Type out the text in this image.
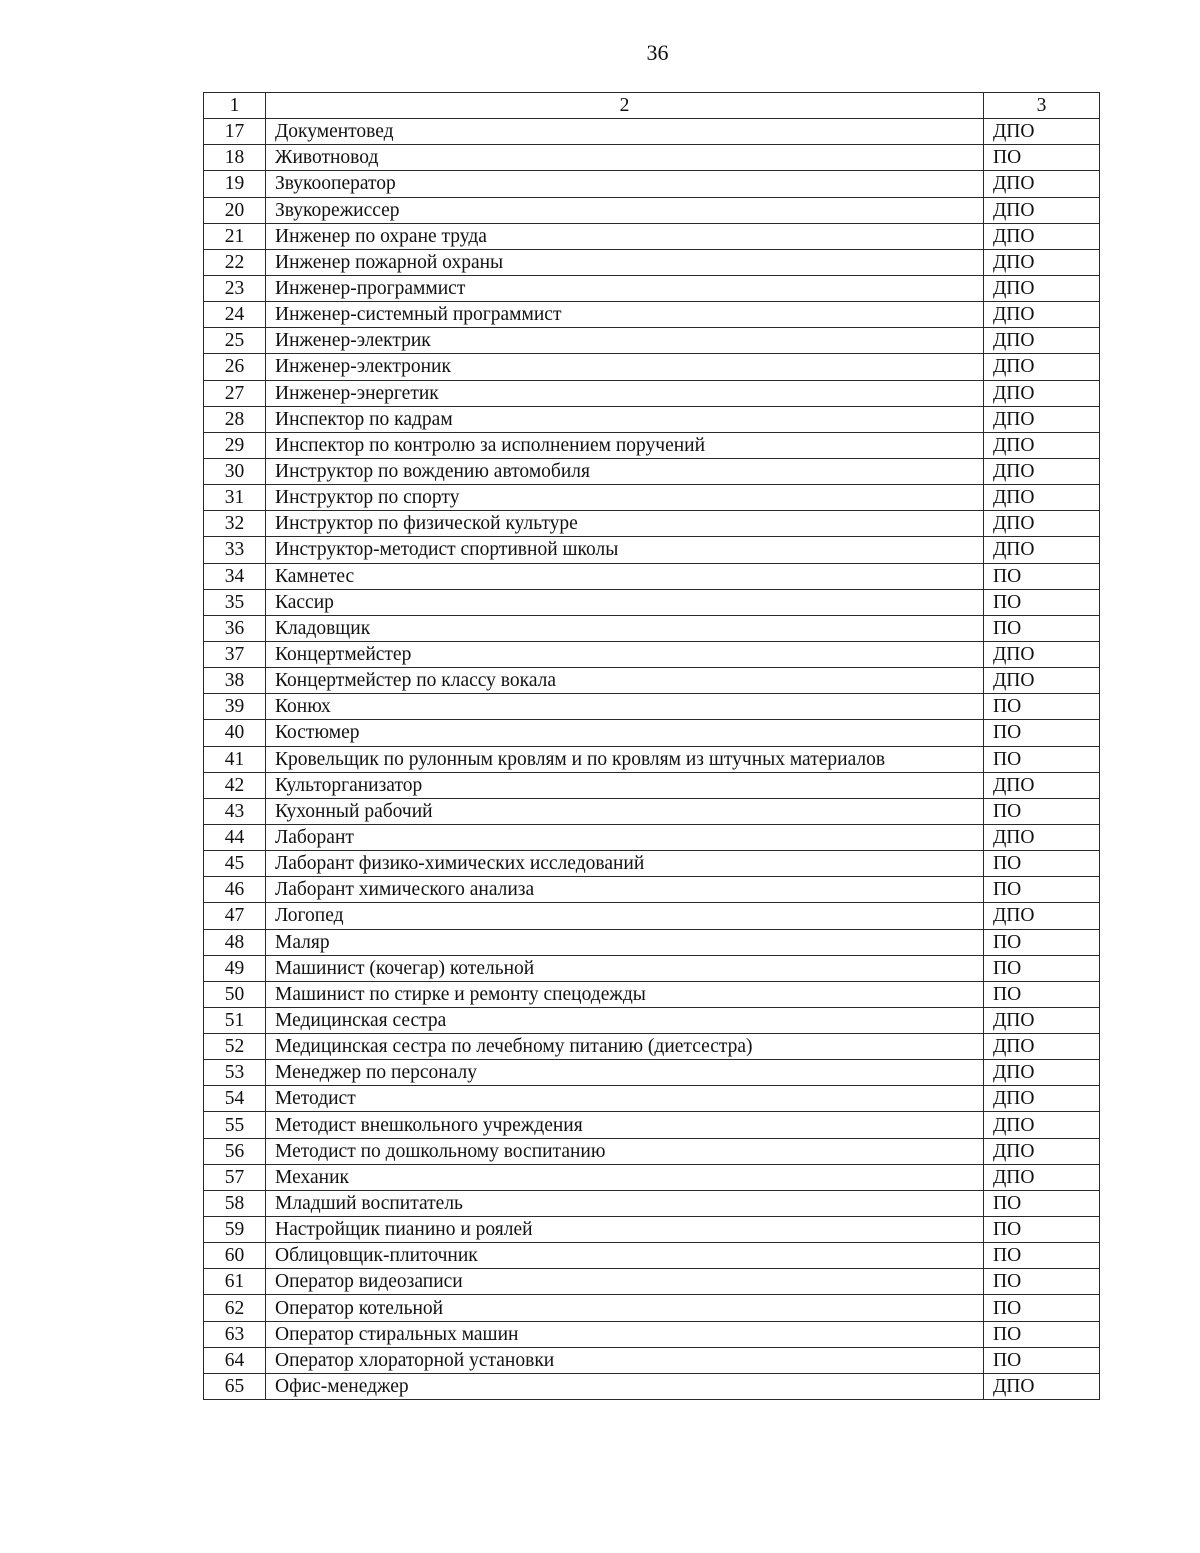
36
1	2	3
17	Документовед	ДПО
18	Животновод	ПО
19	Звукооператор	ДПО
20	Звукорежиссер	ДПО
21	Инженер по охране труда	ДПО
22	Инженер пожарной охраны	ДПО
23	Инженер-программист	ДПО
24	Инженер-системный программист	ДПО
25	Инженер-электрик	ДПО
26	Инженер-электроник	ДПО
27	Инженер-энергетик	ДПО
28	Инспектор по кадрам	ДПО
29	Инспектор по контролю за исполнением поручений	ДПО
30	Инструктор по вождению автомобиля	ДПО
31	Инструктор по спорту	ДПО
32	Инструктор по физической культуре	ДПО
33	Инструктор-методист спортивной школы	ДПО
34	Камнетес	ПО
35	Кассир	ПО
36	Кладовщик	ПО
37	Концертмейстер	ДПО
38	Концертмейстер по классу вокала	ДПО
39	Конюх	ПО
40	Костюмер	ПО
41	Кровельщик по рулонным кровлям и по кровлям из штучных материалов	ПО
42	Культорганизатор	ДПО
43	Кухонный рабочий	ПО
44	Лаборант	ДПО
45	Лаборант физико-химических исследований	ПО
46	Лаборант химического анализа	ПО
47	Логопед	ДПО
48	Маляр	ПО
49	Машинист (кочегар) котельной	ПО
50	Машинист по стирке и ремонту спецодежды	ПО
51	Медицинская сестра	ДПО
52	Медицинская сестра по лечебному питанию (диетсестра)	ДПО
53	Менеджер по персоналу	ДПО
54	Методист	ДПО
55	Методист внешкольного учреждения	ДПО
56	Методист по дошкольному воспитанию	ДПО
57	Механик	ДПО
58	Младший воспитатель	ПО
59	Настройщик пианино и роялей	ПО
60	Облицовщик-плиточник	ПО
61	Оператор видеозаписи	ПО
62	Оператор котельной	ПО
63	Оператор стиральных машин	ПО
64	Оператор хлораторной установки	ПО
65	Офис-менеджер	ДПО
